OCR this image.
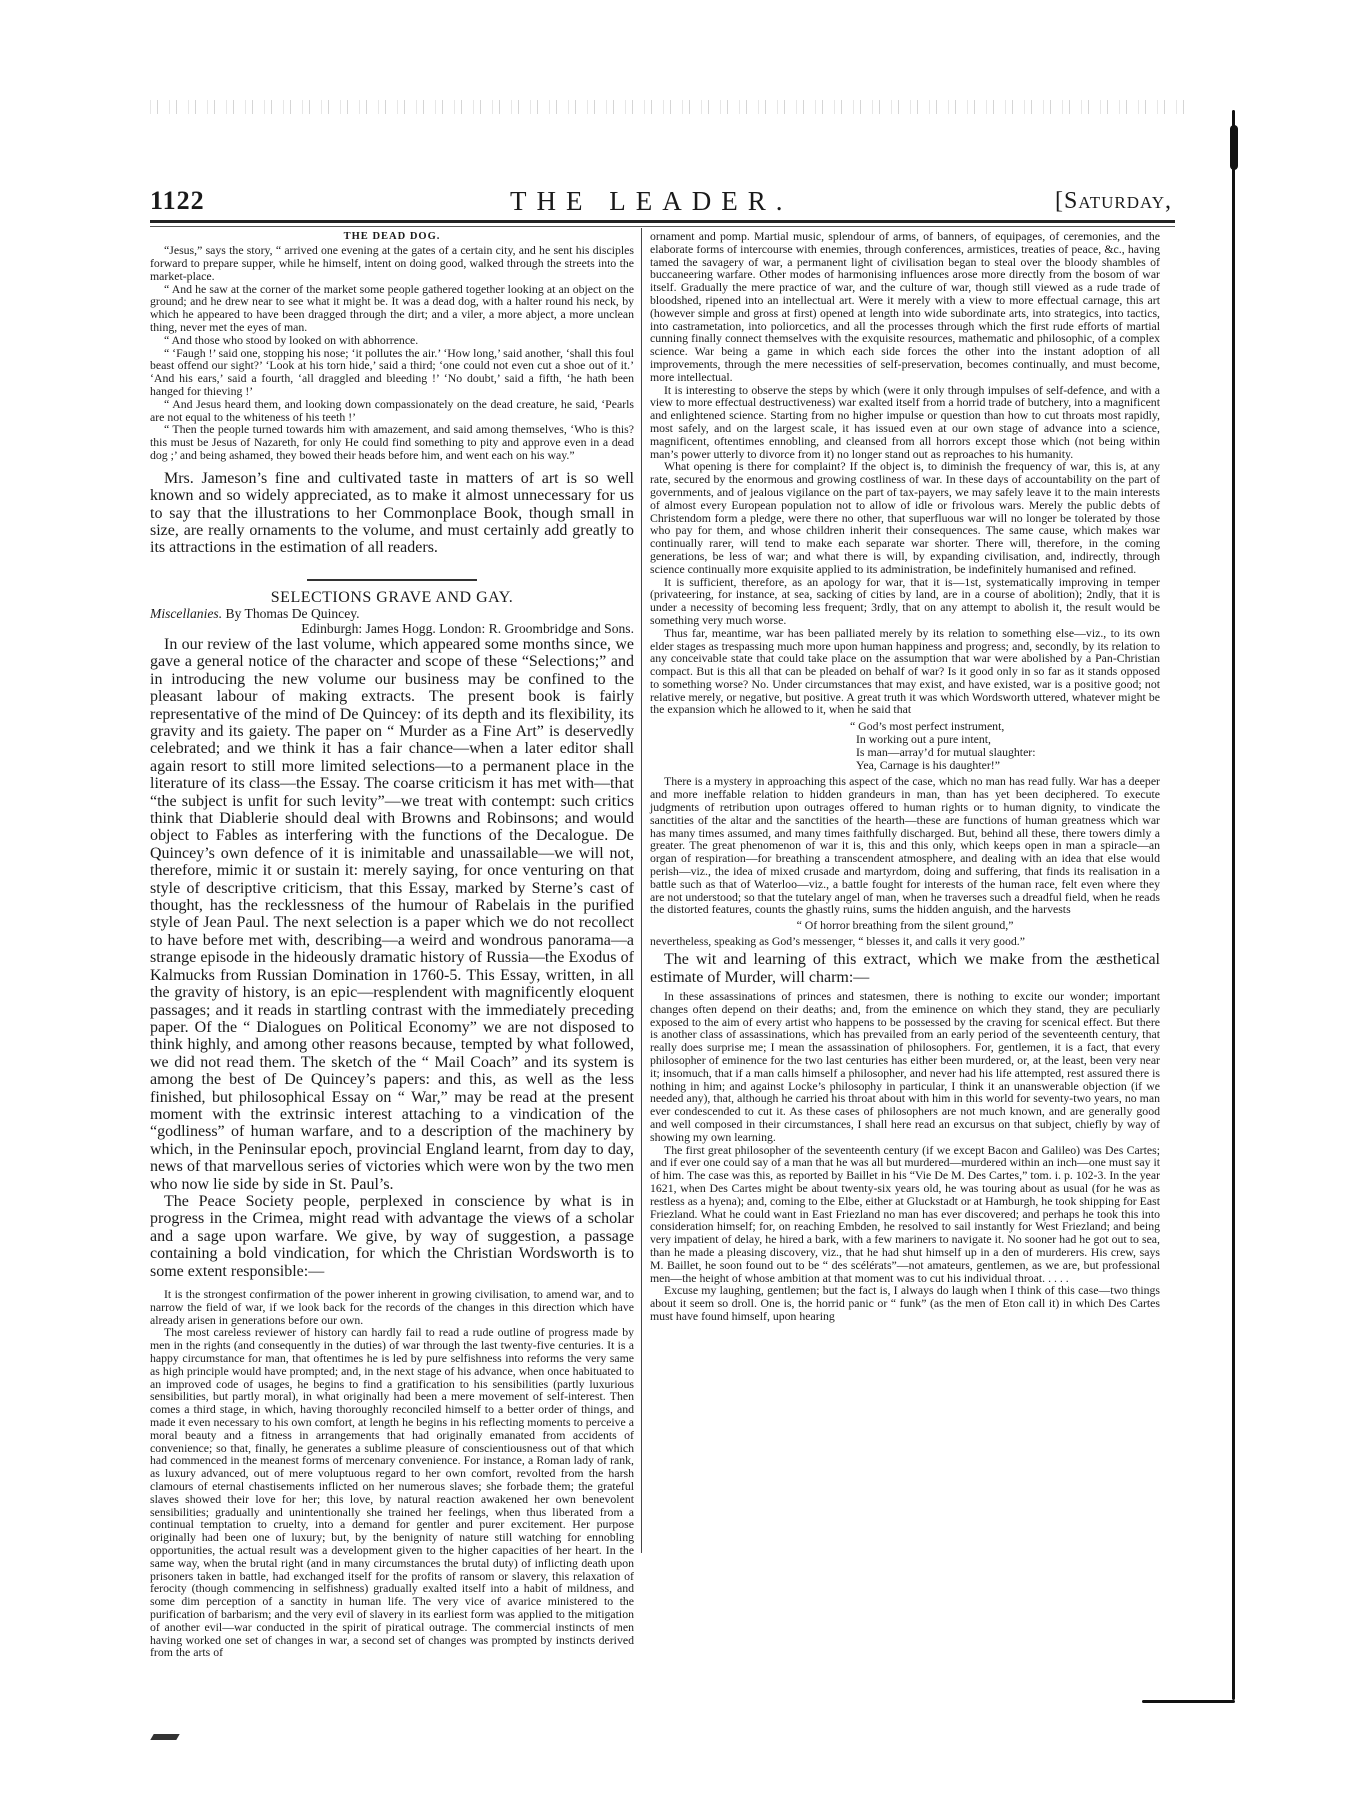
1122	THE LEADER.	[Saturday,
THE DEAD DOG.

“Jesus,” says the story, “ arrived one evening at the gates of a certain city, and he sent his disciples forward to prepare supper, while he himself, intent on doing good, walked through the streets into the market-place.

“ And he saw at the corner of the market some people gathered together looking at an object on the ground; and he drew near to see what it might be. It was a dead dog, with a halter round his neck, by which he appeared to have been dragged through the dirt; and a viler, a more abject, a more unclean thing, never met the eyes of man.

“ And those who stood by looked on with abhorrence.

“ ‘Faugh !’ said one, stopping his nose; ‘it pollutes the air.’ ‘How long,’ said another, ‘shall this foul beast offend our sight?’ ‘Look at his torn hide,’ said a third; ‘one could not even cut a shoe out of it.’ ‘And his ears,’ said a fourth, ‘all draggled and bleeding !’ ‘No doubt,’ said a fifth, ‘he hath been hanged for thieving !’

“ And Jesus heard them, and looking down compassionately on the dead creature, he said, ‘Pearls are not equal to the whiteness of his teeth !’

“ Then the people turned towards him with amazement, and said among themselves, ‘Who is this? this must be Jesus of Nazareth, for only He could find something to pity and approve even in a dead dog ;’ and being ashamed, they bowed their heads before him, and went each on his way.”

Mrs. Jameson’s fine and cultivated taste in matters of art is so well known and so widely appreciated, as to make it almost unnecessary for us to say that the illustrations to her Commonplace Book, though small in size, are really ornaments to the volume, and must certainly add greatly to its attractions in the estimation of all readers.

SELECTIONS GRAVE AND GAY.
Miscellanies. By Thomas De Quincey.
Edinburgh: James Hogg. London: R. Groombridge and Sons.

In our review of the last volume, which appeared some months since, we gave a general notice of the character and scope of these “Selections;” and in introducing the new volume our business may be confined to the pleasant labour of making extracts. The present book is fairly representative of the mind of De Quincey: of its depth and its flexibility, its gravity and its gaiety. The paper on “ Murder as a Fine Art” is deservedly celebrated; and we think it has a fair chance—when a later editor shall again resort to still more limited selections—to a permanent place in the literature of its class—the Essay. The coarse criticism it has met with—that “the subject is unfit for such levity”—we treat with contempt: such critics think that Diablerie should deal with Browns and Robinsons; and would object to Fables as interfering with the functions of the Decalogue. De Quincey’s own defence of it is inimitable and unassailable—we will not, therefore, mimic it or sustain it: merely saying, for once venturing on that style of descriptive criticism, that this Essay, marked by Sterne’s cast of thought, has the recklessness of the humour of Rabelais in the purified style of Jean Paul. The next selection is a paper which we do not recollect to have before met with, describing—a weird and wondrous panorama—a strange episode in the hideously dramatic history of Russia—the Exodus of Kalmucks from Russian Domination in 1760-5. This Essay, written, in all the gravity of history, is an epic—resplendent with magnificently eloquent passages; and it reads in startling contrast with the immediately preceding paper. Of the “ Dialogues on Political Economy” we are not disposed to think highly, and among other reasons because, tempted by what followed, we did not read them. The sketch of the “ Mail Coach” and its system is among the best of De Quincey’s papers: and this, as well as the less finished, but philosophical Essay on “ War,” may be read at the present moment with the extrinsic interest attaching to a vindication of the “godliness” of human warfare, and to a description of the machinery by which, in the Peninsular epoch, provincial England learnt, from day to day, news of that marvellous series of victories which were won by the two men who now lie side by side in St. Paul’s.

The Peace Society people, perplexed in conscience by what is in progress in the Crimea, might read with advantage the views of a scholar and a sage upon warfare. We give, by way of suggestion, a passage containing a bold vindication, for which the Christian Wordsworth is to some extent responsible:—

It is the strongest confirmation of the power inherent in growing civilisation, to amend war, and to narrow the field of war, if we look back for the records of the changes in this direction which have already arisen in generations before our own.

The most careless reviewer of history can hardly fail to read a rude outline of progress made by men in the rights (and consequently in the duties) of war through the last twenty-five centuries. It is a happy circumstance for man, that oftentimes he is led by pure selfishness into reforms the very same as high principle would have prompted; and, in the next stage of his advance, when once habituated to an improved code of usages, he begins to find a gratification to his sensibilities (partly luxurious sensibilities, but partly moral), in what originally had been a mere movement of self-interest. Then comes a third stage, in which, having thoroughly reconciled himself to a better order of things, and made it even necessary to his own comfort, at length he begins in his reflecting moments to perceive a moral beauty and a fitness in arrangements that had originally emanated from accidents of convenience; so that, finally, he generates a sublime pleasure of conscientiousness out of that which had commenced in the meanest forms of mercenary convenience. For instance, a Roman lady of rank, as luxury advanced, out of mere voluptuous regard to her own comfort, revolted from the harsh clamours of eternal chastisements inflicted on her numerous slaves; she forbade them; the grateful slaves showed their love for her; this love, by natural reaction awakened her own benevolent sensibilities; gradually and unintentionally she trained her feelings, when thus liberated from a continual temptation to cruelty, into a demand for gentler and purer excitement. Her purpose originally had been one of luxury; but, by the benignity of nature still watching for ennobling opportunities, the actual result was a development given to the higher capacities of her heart. In the same way, when the brutal right (and in many circumstances the brutal duty) of inflicting death upon prisoners taken in battle, had exchanged itself for the profits of ransom or slavery, this relaxation of ferocity (though commencing in selfishness) gradually exalted itself into a habit of mildness, and some dim perception of a sanctity in human life. The very vice of avarice ministered to the purification of barbarism; and the very evil of slavery in its earliest form was applied to the mitigation of another evil—war conducted in the spirit of piratical outrage. The commercial instincts of men having worked one set of changes in war, a second set of changes was prompted by instincts derived from the arts of

ornament and pomp. Martial music, splendour of arms, of banners, of equipages, of ceremonies, and the elaborate forms of intercourse with enemies, through conferences, armistices, treaties of peace, &c., having tamed the savagery of war, a permanent light of civilisation began to steal over the bloody shambles of buccaneering warfare. Other modes of harmonising influences arose more directly from the bosom of war itself. Gradually the mere practice of war, and the culture of war, though still viewed as a rude trade of bloodshed, ripened into an intellectual art. Were it merely with a view to more effectual carnage, this art (however simple and gross at first) opened at length into wide subordinate arts, into strategics, into tactics, into castrametation, into poliorcetics, and all the processes through which the first rude efforts of martial cunning finally connect themselves with the exquisite resources, mathematic and philosophic, of a complex science. War being a game in which each side forces the other into the instant adoption of all improvements, through the mere necessities of self-preservation, becomes continually, and must become, more intellectual.

It is interesting to observe the steps by which (were it only through impulses of self-defence, and with a view to more effectual destructiveness) war exalted itself from a horrid trade of butchery, into a magnificent and enlightened science. Starting from no higher impulse or question than how to cut throats most rapidly, most safely, and on the largest scale, it has issued even at our own stage of advance into a science, magnificent, oftentimes ennobling, and cleansed from all horrors except those which (not being within man’s power utterly to divorce from it) no longer stand out as reproaches to his humanity.

What opening is there for complaint? If the object is, to diminish the frequency of war, this is, at any rate, secured by the enormous and growing costliness of war. In these days of accountability on the part of governments, and of jealous vigilance on the part of tax-payers, we may safely leave it to the main interests of almost every European population not to allow of idle or frivolous wars. Merely the public debts of Christendom form a pledge, were there no other, that superfluous war will no longer be tolerated by those who pay for them, and whose children inherit their consequences. The same cause, which makes war continually rarer, will tend to make each separate war shorter. There will, therefore, in the coming generations, be less of war; and what there is will, by expanding civilisation, and, indirectly, through science continually more exquisite applied to its administration, be indefinitely humanised and refined.

It is sufficient, therefore, as an apology for war, that it is—1st, systematically improving in temper (privateering, for instance, at sea, sacking of cities by land, are in a course of abolition); 2ndly, that it is under a necessity of becoming less frequent; 3rdly, that on any attempt to abolish it, the result would be something very much worse.

Thus far, meantime, war has been palliated merely by its relation to something else—viz., to its own elder stages as trespassing much more upon human happiness and progress; and, secondly, by its relation to any conceivable state that could take place on the assumption that war were abolished by a Pan-Christian compact. But is this all that can be pleaded on behalf of war? Is it good only in so far as it stands opposed to something worse? No. Under circumstances that may exist, and have existed, war is a positive good; not relative merely, or negative, but positive. A great truth it was which Wordsworth uttered, whatever might be the expansion which he allowed to it, when he said that

“ God’s most perfect instrument,
In working out a pure intent,
Is man—array’d for mutual slaughter:
Yea, Carnage is his daughter!”

There is a mystery in approaching this aspect of the case, which no man has read fully. War has a deeper and more ineffable relation to hidden grandeurs in man, than has yet been deciphered. To execute judgments of retribution upon outrages offered to human rights or to human dignity, to vindicate the sanctities of the altar and the sanctities of the hearth—these are functions of human greatness which war has many times assumed, and many times faithfully discharged. But, behind all these, there towers dimly a greater. The great phenomenon of war it is, this and this only, which keeps open in man a spiracle—an organ of respiration—for breathing a transcendent atmosphere, and dealing with an idea that else would perish—viz., the idea of mixed crusade and martyrdom, doing and suffering, that finds its realisation in a battle such as that of Waterloo—viz., a battle fought for interests of the human race, felt even where they are not understood; so that the tutelary angel of man, when he traverses such a dreadful field, when he reads the distorted features, counts the ghastly ruins, sums the hidden anguish, and the harvests

“ Of horror breathing from the silent ground,”

nevertheless, speaking as God’s messenger, “ blesses it, and calls it very good.”

The wit and learning of this extract, which we make from the æsthetical estimate of Murder, will charm:—

In these assassinations of princes and statesmen, there is nothing to excite our wonder; important changes often depend on their deaths; and, from the eminence on which they stand, they are peculiarly exposed to the aim of every artist who happens to be possessed by the craving for scenical effect. But there is another class of assassinations, which has prevailed from an early period of the seventeenth century, that really does surprise me; I mean the assassination of philosophers. For, gentlemen, it is a fact, that every philosopher of eminence for the two last centuries has either been murdered, or, at the least, been very near it; insomuch, that if a man calls himself a philosopher, and never had his life attempted, rest assured there is nothing in him; and against Locke’s philosophy in particular, I think it an unanswerable objection (if we needed any), that, although he carried his throat about with him in this world for seventy-two years, no man ever condescended to cut it. As these cases of philosophers are not much known, and are generally good and well composed in their circumstances, I shall here read an excursus on that subject, chiefly by way of showing my own learning.

The first great philosopher of the seventeenth century (if we except Bacon and Galileo) was Des Cartes; and if ever one could say of a man that he was all but murdered—murdered within an inch—one must say it of him. The case was this, as reported by Baillet in his “Vie De M. Des Cartes,” tom. i. p. 102-3. In the year 1621, when Des Cartes might be about twenty-six years old, he was touring about as usual (for he was as restless as a hyena); and, coming to the Elbe, either at Gluckstadt or at Hamburgh, he took shipping for East Friezland. What he could want in East Friezland no man has ever discovered; and perhaps he took this into consideration himself; for, on reaching Embden, he resolved to sail instantly for West Friezland; and being very impatient of delay, he hired a bark, with a few mariners to navigate it. No sooner had he got out to sea, than he made a pleasing discovery, viz., that he had shut himself up in a den of murderers. His crew, says M. Baillet, he soon found out to be “ des scélérats”—not amateurs, gentlemen, as we are, but professional men—the height of whose ambition at that moment was to cut his individual throat. . . . .

Excuse my laughing, gentlemen; but the fact is, I always do laugh when I think of this case—two things about it seem so droll. One is, the horrid panic or “ funk” (as the men of Eton call it) in which Des Cartes must have found himself, upon hearing
